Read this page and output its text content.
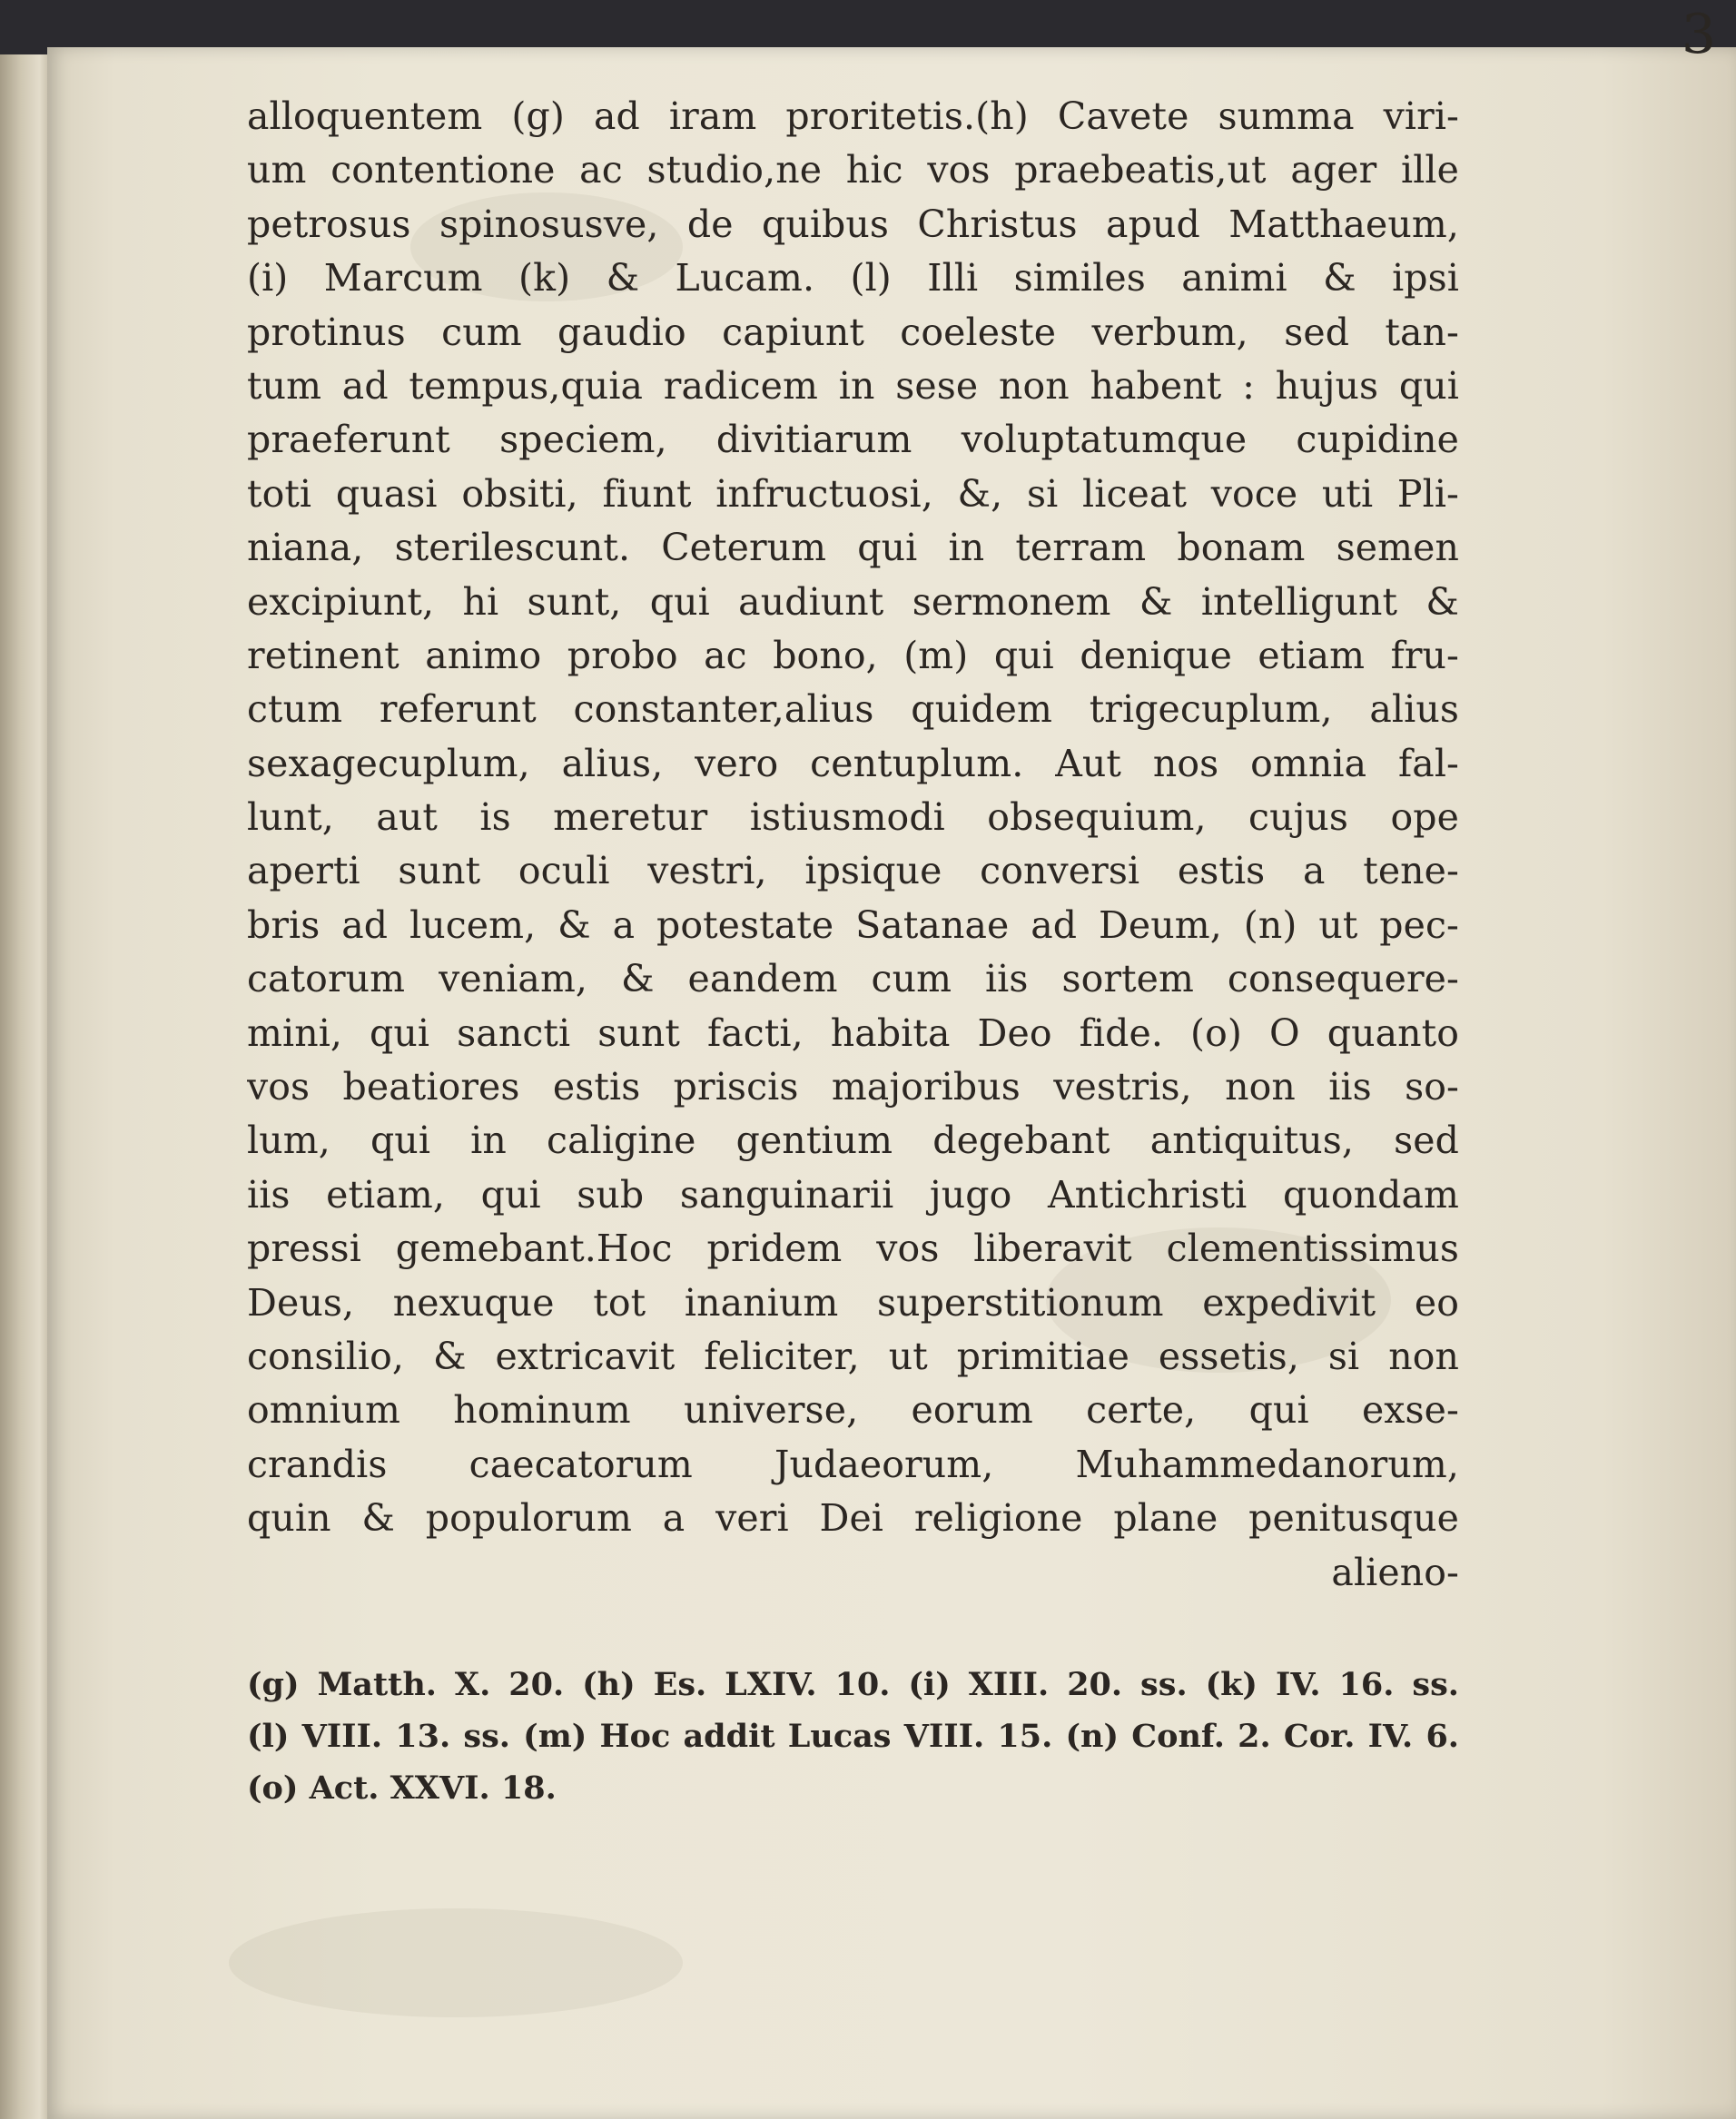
3
alloquentem (g) ad iram proritetis.(h) Cavete summa viri-
um contentione ac studio,ne hic vos praebeatis,ut ager ille
petrosus spinosusve, de quibus Christus apud Matthaeum,
(i) Marcum (k) & Lucam. (l) Illi similes animi & ipsi
protinus cum gaudio capiunt coeleste verbum, sed tan-
tum ad tempus,quia radicem in sese non habent : hujus qui
praeferunt speciem, divitiarum voluptatumque cupidine
toti quasi obsiti, fiunt infructuosi, &, si liceat voce uti Pli-
niana, sterilescunt. Ceterum qui in terram bonam semen
excipiunt, hi sunt, qui audiunt sermonem & intelligunt &
retinent animo probo ac bono, (m) qui denique etiam fru-
ctum referunt constanter,alius quidem trigecuplum, alius
sexagecuplum, alius, vero centuplum. Aut nos omnia fal-
lunt, aut is meretur istiusmodi obsequium, cujus ope
aperti sunt oculi vestri, ipsique conversi estis a tene-
bris ad lucem, & a potestate Satanae ad Deum, (n) ut pec-
catorum veniam, & eandem cum iis sortem consequere-
mini, qui sancti sunt facti, habita Deo fide. (o) O quanto
vos beatiores estis priscis majoribus vestris, non iis so-
lum, qui in caligine gentium degebant antiquitus, sed
iis etiam, qui sub sanguinarii jugo Antichristi quondam
pressi gemebant.Hoc pridem vos liberavit clementissimus
Deus, nexuque tot inanium superstitionum expedivit eo
consilio, & extricavit feliciter, ut primitiae essetis, si non
omnium hominum universe, eorum certe, qui exse-
crandis caecatorum Judaeorum, Muhammedanorum,
quin & populorum a veri Dei religione plane penitusque
alieno-
(g) Matth. X. 20. (h) Es. LXIV. 10. (i) XIII. 20. ss. (k) IV. 16. ss.
(l) VIII. 13. ss. (m) Hoc addit Lucas VIII. 15. (n) Conf. 2. Cor. IV. 6.
(o) Act. XXVI. 18.
